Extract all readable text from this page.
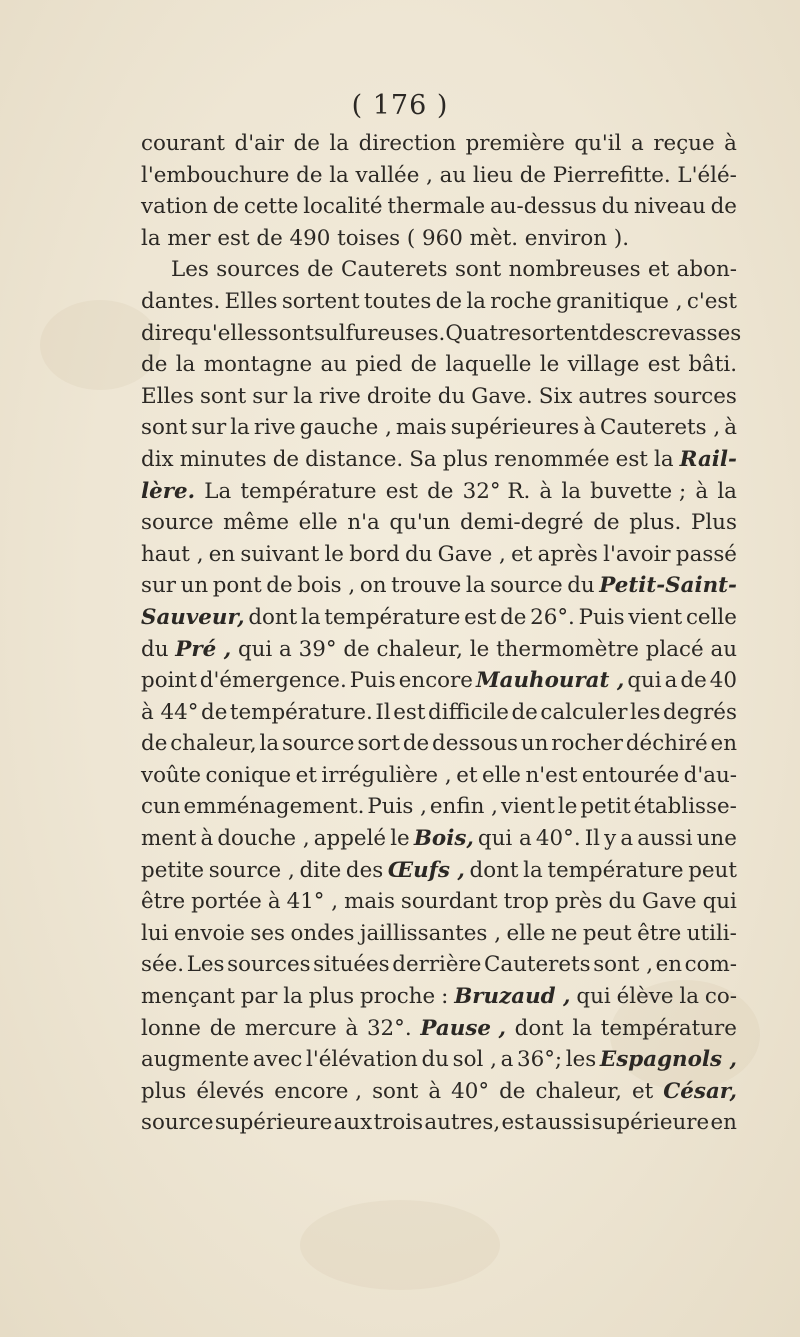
( 176 )
courant d'air de la direction première qu'il a reçue à
l'embouchure de la vallée , au lieu de Pierrefitte. L'élé-
vation de cette localité thermale au-dessus du niveau de
la mer est de 490 toises ( 960 mèt. environ ).
Les sources de Cauterets sont nombreuses et abon-
dantes. Elles sortent toutes de la roche granitique , c'est
dire qu'elles sont sulfureuses. Quatre sortent des crevasses
de la montagne au pied de laquelle le village est bâti.
Elles sont sur la rive droite du Gave. Six autres sources
sont sur la rive gauche , mais supérieures à Cauterets , à
dix minutes de distance. Sa plus renommée est la Rail-
lère. La température est de 32° R. à la buvette ; à la
source même elle n'a qu'un demi-degré de plus. Plus
haut , en suivant le bord du Gave , et après l'avoir passé
sur un pont de bois , on trouve la source du Petit-Saint-
Sauveur, dont la température est de 26°. Puis vient celle
du Pré , qui a 39° de chaleur, le thermomètre placé au
point d'émergence. Puis encore Mauhourat , qui a de 40
à 44° de température. Il est difficile de calculer les degrés
de chaleur, la source sort de dessous un rocher déchiré en
voûte conique et irrégulière , et elle n'est entourée d'au-
cun emménagement. Puis , enfin , vient le petit établisse-
ment à douche , appelé le Bois, qui a 40°. Il y a aussi une
petite source , dite des Œufs , dont la température peut
être portée à 41° , mais sourdant trop près du Gave qui
lui envoie ses ondes jaillissantes , elle ne peut être utili-
sée. Les sources situées derrière Cauterets sont , en com-
mençant par la plus proche : Bruzaud , qui élève la co-
lonne de mercure à 32°. Pause , dont la température
augmente avec l'élévation du sol , a 36°; les Espagnols ,
plus élevés encore , sont à 40° de chaleur, et César,
source supérieure aux trois autres, est aussi supérieure en
